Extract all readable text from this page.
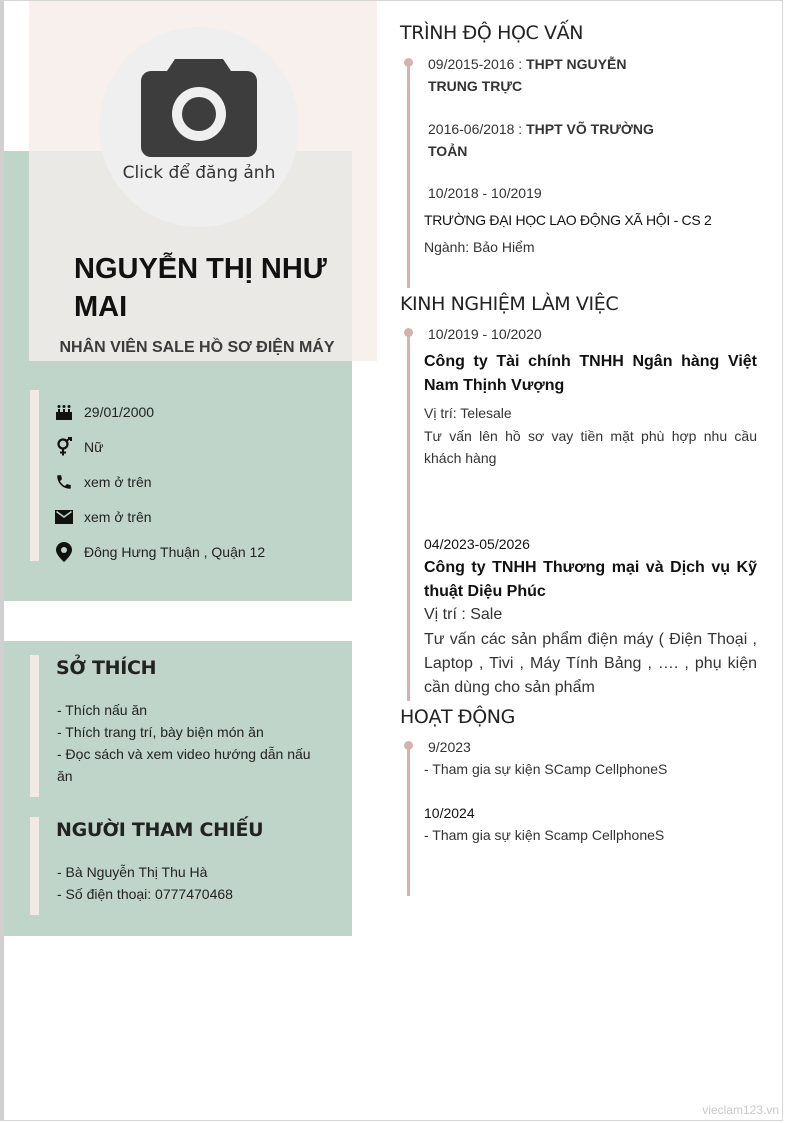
Click để đăng ảnh
NGUYỄN THỊ NHƯ MAI
NHÂN VIÊN SALE HỒ SƠ ĐIỆN MÁY
29/01/2000
Nữ
xem ở trên
xem ở trên
Đông Hưng Thuận , Quận 12
SỞ THÍCH
- Thích nấu ăn
- Thích trang trí, bày biện món ăn
- Đọc sách và xem video hướng dẫn nấu ăn
NGƯỜI THAM CHIẾU
- Bà Nguyễn Thị Thu Hà
- Số điện thoại: 0777470468
TRÌNH ĐỘ HỌC VẤN
09/2015-2016 : THPT NGUYỄN TRUNG TRỰC
2016-06/2018 : THPT VÕ TRƯỜNG TOẢN
10/2018 - 10/2019
TRƯỜNG ĐẠI HỌC LAO ĐỘNG XÃ HỘI - CS 2
Ngành: Bảo Hiểm
KINH NGHIỆM LÀM VIỆC
10/2019 - 10/2020
Công ty Tài chính TNHH Ngân hàng Việt Nam Thịnh Vượng
Vị trí: Telesale
Tư vấn lên hồ sơ vay tiền mặt phù hợp nhu cầu khách hàng
04/2023-05/2026
Công ty TNHH Thương mại và Dịch vụ Kỹ thuật Diệu Phúc
Vị trí : Sale
Tư vấn các sản phẩm điện máy ( Điện Thoại , Laptop , Tivi , Máy Tính Bảng , …. , phụ kiện cần dùng cho sản phẩm
HOẠT ĐỘNG
9/2023
- Tham gia sự kiện SCamp CellphoneS
10/2024
- Tham gia sự kiện Scamp CellphoneS
vieclam123.vn
